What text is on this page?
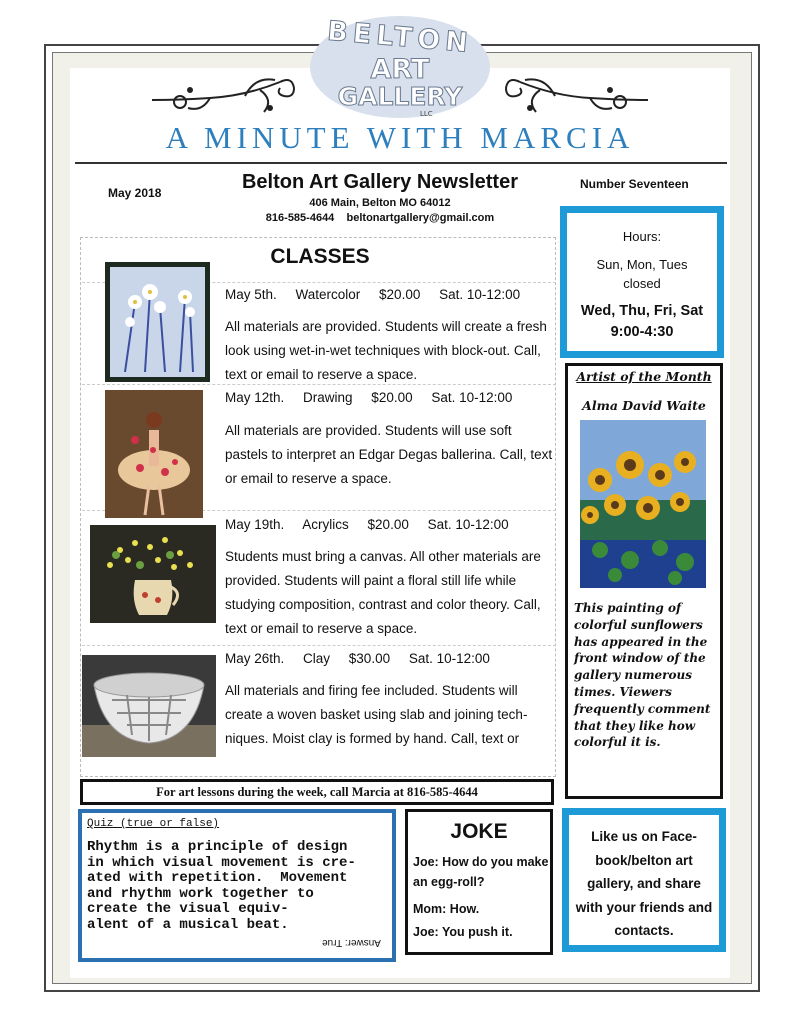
BELTON
ART
GALLERY
LLC
A MINUTE WITH MARCIA
May 2018	Belton Art Gallery Newsletter
406 Main, Belton MO 64012
816-585-4644    beltonartgallery@gmail.com
Number Seventeen
CLASSES
May 5th.     Watercolor     $20.00     Sat. 10-12:00
All materials are provided. Students will create a fresh look using wet-in-wet techniques with block-out. Call, text or email to reserve a space.
May 12th.     Drawing     $20.00     Sat. 10-12:00
All materials are provided. Students will use soft pastels to interpret an Edgar Degas ballerina. Call, text or email to reserve a space.
May 19th.     Acrylics     $20.00     Sat. 10-12:00
Students must bring a canvas. All other materials are provided. Students will paint a floral still life while studying composition, contrast and color theory. Call, text or email to reserve a space.
May 26th.     Clay     $30.00     Sat. 10-12:00
All materials and firing fee included. Students will create a woven basket using slab and joining tech-niques. Moist clay is formed by hand. Call, text or
Hours:
Sun, Mon, Tues closed
Wed, Thu, Fri, Sat 9:00-4:30
Artist of the Month
Alma David Waite
This painting of colorful sunflowers has appeared in the front window of the gallery numerous times. Viewers frequently comment that they like how colorful it is.
For art lessons during the week, call Marcia at 816-585-4644
Quiz (true or false)
Rhythm is a principle of design
in which visual movement is cre-
ated with repetition.  Movement
and rhythm work together to
create the visual equiv-
alent of a musical beat.
Answer: True
JOKE
Joe: How do you make an egg-roll?
Mom: How.
Joe: You push it.
Like us on Face-book/belton art gallery, and share with your friends and contacts.
